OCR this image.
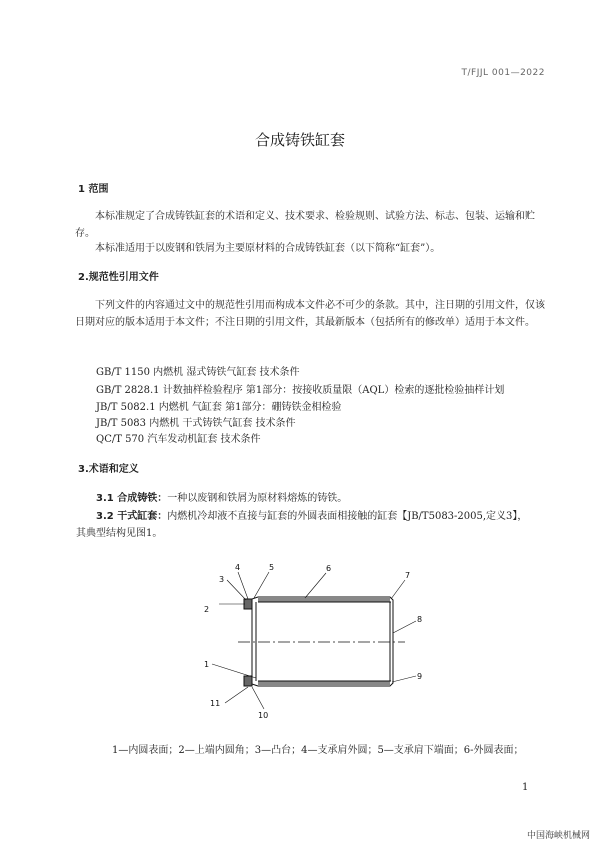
T/FJJL 001—2022
合成铸铁缸套
1 范围
本标准规定了合成铸铁缸套的术语和定义、技术要求、检验规则、试验方法、标志、包装、运输和贮存。
本标准适用于以废钢和铁屑为主要原材料的合成铸铁缸套（以下简称“缸套”）。
2.规范性引用文件
下列文件的内容通过文中的规范性引用而构成本文件必不可少的条款。其中，注日期的引用文件，仅该日期对应的版本适用于本文件；不注日期的引用文件，其最新版本（包括所有的修改单）适用于本文件。
GB/T 1150 内燃机 湿式铸铁气缸套 技术条件
GB/T 2828.1 计数抽样检验程序 第1部分：按接收质量限（AQL）检索的逐批检验抽样计划
JB/T 5082.1 内燃机 气缸套 第1部分：硼铸铁金相检验
JB/T 5083 内燃机 干式铸铁气缸套 技术条件
QC/T 570 汽车发动机缸套 技术条件
3.术语和定义
3.1 合成铸铁：一种以废钢和铁屑为原材料熔炼的铸铁。
3.2 干式缸套：内燃机冷却液不直接与缸套的外圆表面相接触的缸套【JB/T5083-2005,定义3】，
其典型结构见图1。
1
2
3
4	5	6
7
8
9
10
11
1—内圆表面；2—上端内圆角；3—凸台；4—支承肩外圆；5—支承肩下端面；6-外圆表面；
1
中国海峡机械网
